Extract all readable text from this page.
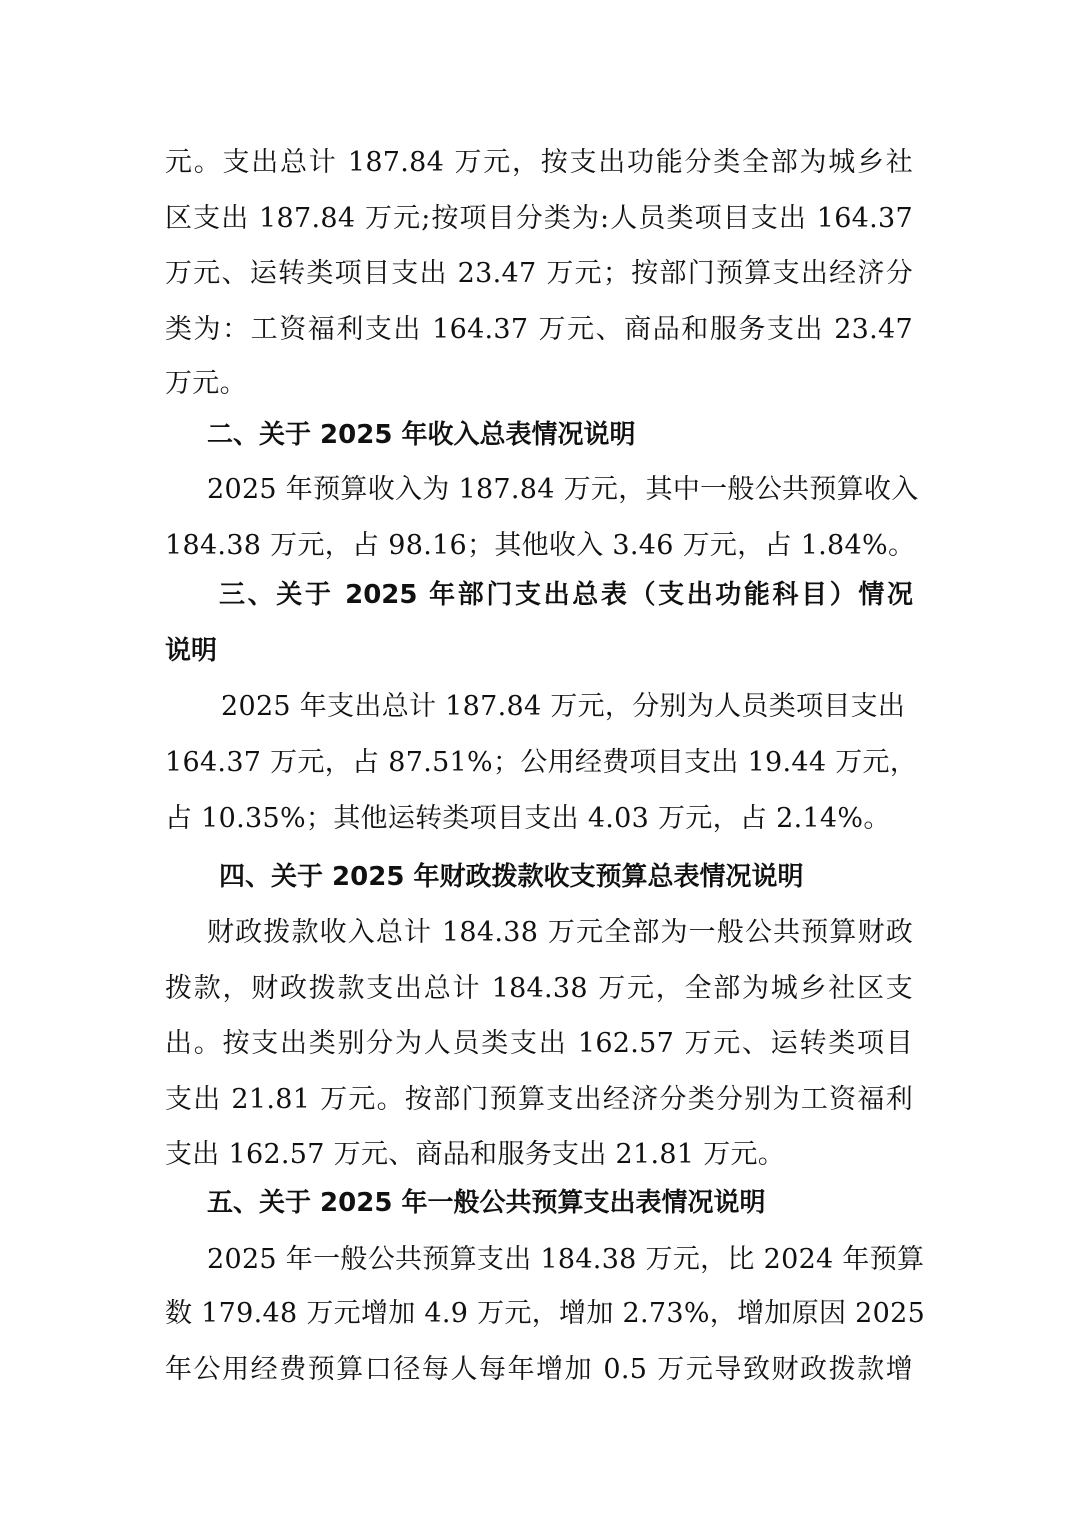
元。支出总计 187.84 万元，按支出功能分类全部为城乡社
区支出 187.84 万元;按项目分类为:人员类项目支出 164.37
万元、运转类项目支出 23.47 万元；按部门预算支出经济分
类为：工资福利支出 164.37 万元、商品和服务支出 23.47
万元。
二、关于 2025 年收入总表情况说明
2025 年预算收入为 187.84 万元，其中一般公共预算收入
184.38 万元，占 98.16；其他收入 3.46 万元，占 1.84%。
三、关于 2025 年部门支出总表（支出功能科目）情况
说明
2025 年支出总计 187.84 万元，分别为人员类项目支出
164.37 万元，占 87.51%；公用经费项目支出 19.44 万元，
占 10.35%；其他运转类项目支出 4.03 万元，占 2.14%。
四、关于 2025 年财政拨款收支预算总表情况说明
财政拨款收入总计 184.38 万元全部为一般公共预算财政
拨款，财政拨款支出总计 184.38 万元，全部为城乡社区支
出。按支出类别分为人员类支出 162.57 万元、运转类项目
支出 21.81 万元。按部门预算支出经济分类分别为工资福利
支出 162.57 万元、商品和服务支出 21.81 万元。
五、关于 2025 年一般公共预算支出表情况说明
2025 年一般公共预算支出 184.38 万元，比 2024 年预算
数 179.48 万元增加 4.9 万元，增加 2.73%，增加原因 2025
年公用经费预算口径每人每年增加 0.5 万元导致财政拨款增
